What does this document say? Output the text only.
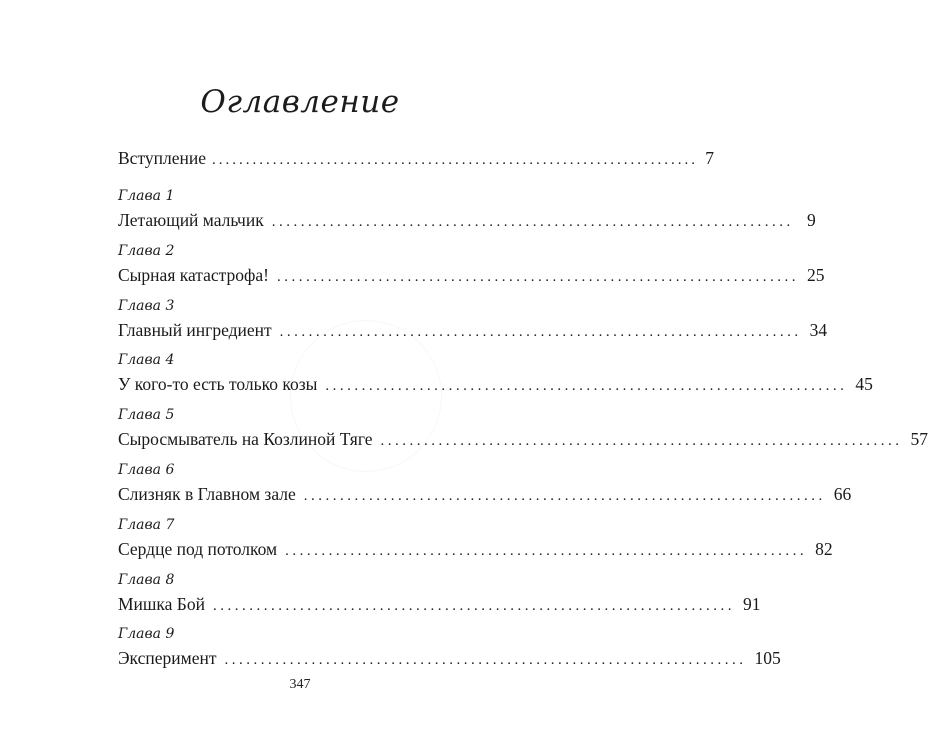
Оглавление
Вступление ........................................................................ 7
Глава 1
Летающий мальчик ........................................................................ 9
Глава 2
Сырная катастрофа! ........................................................................ 25
Глава 3
Главный ингредиент ........................................................................ 34
Глава 4
У кого-то есть только козы ........................................................................ 45
Глава 5
Сыросмыватель на Козлиной Тяге ........................................................................ 57
Глава 6
Слизняк в Главном зале ........................................................................ 66
Глава 7
Сердце под потолком ........................................................................ 82
Глава 8
Мишка Бой ........................................................................ 91
Глава 9
Эксперимент ........................................................................ 105
347
